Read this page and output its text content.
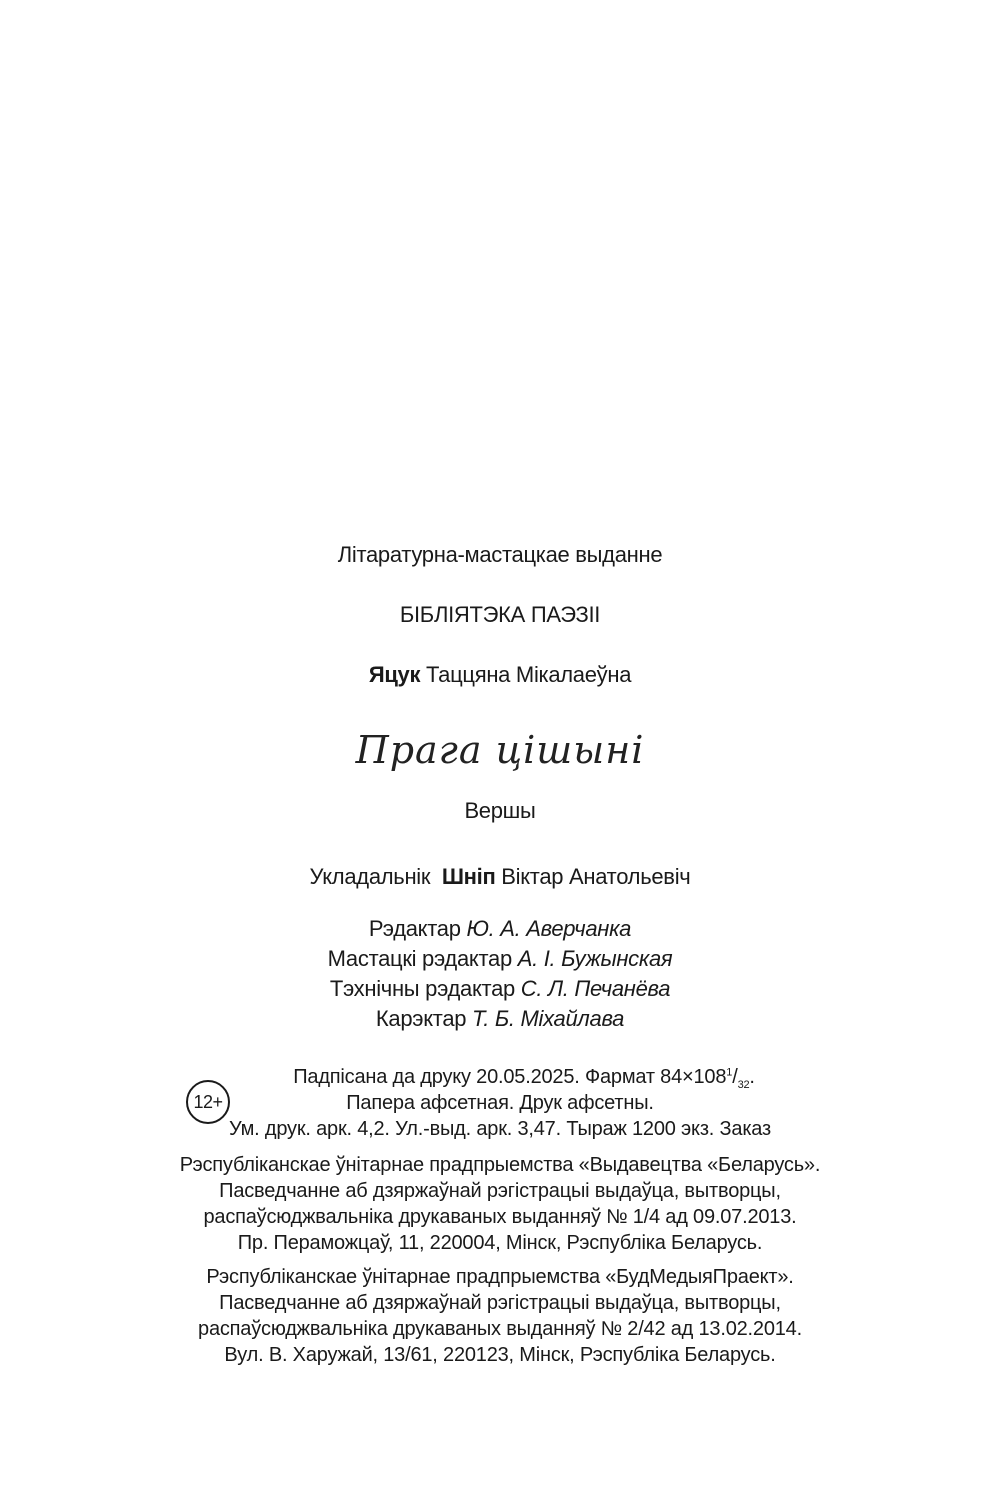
Літаратурна-мастацкае выданне
БІБЛІЯТЭКА ПАЭЗІІ
Яцук Таццяна Мікалаеўна
Прага цішыні
Вершы
Укладальнік Шніп Віктар Анатольевіч
Рэдактар Ю. А. Аверчанка
Мастацкі рэдактар А. І. Бужынская
Тэхнічны рэдактар С. Л. Печанёва
Карэктар Т. Б. Міхайлава
12+
Падпісана да друку 20.05.2025. Фармат $84\times 108^1/_{32}$.
Папера афсетная. Друк афсетны.
Ум. друк. арк. 4,2. Ул.-выд. арк. 3,47. Тыраж 1200 экз. Заказ
Рэспубліканскае ўнітарнае прадпрыемства «Выдавецтва «Беларусь».
Пасведчанне аб дзяржаўнай рэгістрацыі выдаўца, вытворцы,
распаўсюджвальніка друкаваных выданняў № 1/4 ад 09.07.2013.
Пр. Пераможцаў, 11, 220004, Мінск, Рэспубліка Беларусь.
Рэспубліканскае ўнітарнае прадпрыемства «БудМедыяПраект».
Пасведчанне аб дзяржаўнай рэгістрацыі выдаўца, вытворцы,
распаўсюджвальніка друкаваных выданняў № 2/42 ад 13.02.2014.
Вул. В. Харужай, 13/61, 220123, Мінск, Рэспубліка Беларусь.
